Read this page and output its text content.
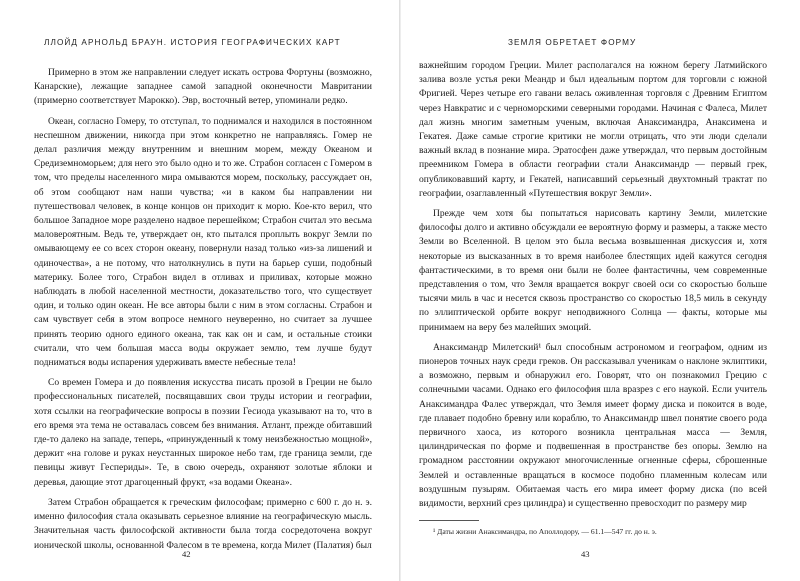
ЛЛОЙД АРНОЛЬД БРАУН. ИСТОРИЯ ГЕОГРАФИЧЕСКИХ КАРТ

Примерно в этом же направлении следует искать острова Фортуны (возможно, Канарские), лежащие западнее самой западной оконечности Мавритании (примерно соответствует Марокко). Эвр, восточный ветер, упоминали редко.

Океан, согласно Гомеру, то отступал, то поднимался и находился в постоянном неспешном движении, никогда при этом конкретно не направляясь. Гомер не делал различия между внутренним и внешним морем, между Океаном и Средиземноморьем; для него это было одно и то же. Страбон согласен с Гомером в том, что пределы населенного мира омываются морем, поскольку, рассуждает он, об этом сообщают нам наши чувства; «и в каком бы направлении ни путешествовал человек, в конце концов он приходит к морю. Кое-кто верил, что большое Западное море разделено надвое перешейком; Страбон считал это весьма маловероятным. Ведь те, утверждает он, кто пытался проплыть вокруг Земли по омывающему ее со всех сторон океану, повернули назад только «из-за лишений и одиночества», а не потому, что натолкнулись в пути на барьер суши, подобный материку. Более того, Страбон видел в отливах и приливах, которые можно наблюдать в любой населенной местности, доказательство того, что существует один, и только один океан. Не все авторы были с ним в этом согласны. Страбон и сам чувствует себя в этом вопросе немного неуверенно, но считает за лучшее принять теорию одного единого океана, так как он и сам, и остальные стоики считали, что чем большая масса воды окружает землю, тем лучше будут подниматься воды испарения удерживать вместе небесные тела!

Со времен Гомера и до появления искусства писать прозой в Греции не было профессиональных писателей, посвящавших свои труды истории и географии, хотя ссылки на географические вопросы в поэзии Гесиода указывают на то, что в его время эта тема не оставалась совсем без внимания. Атлант, прежде обитавший где-то далеко на западе, теперь, «принужденный к тому неизбежностью мощной», держит «на голове и руках неустанных широкое небо там, где граница земли, где певицы живут Геспериды». Те, в свою очередь, охраняют золотые яблоки и деревья, дающие этот драгоценный фрукт, «за водами Океана».

Затем Страбон обращается к греческим философам; примерно с 600 г. до н. э. именно философия стала оказывать серьезное влияние на географическую мысль. Значительная часть философской активности была тогда сосредоточена вокруг ионической школы, основанной Фалесом в те времена, когда Милет (Палатия) был

42
ЗЕМЛЯ ОБРЕТАЕТ ФОРМУ

важнейшим городом Греции. Милет располагался на южном берегу Латмийского залива возле устья реки Меандр и был идеальным портом для торговли с южной Фригией. Через четыре его гавани велась оживленная торговля с Древним Египтом через Навкратис и с черноморскими северными городами. Начиная с Фалеса, Милет дал жизнь многим заметным ученым, включая Анаксимандра, Анаксимена и Гекатея. Даже самые строгие критики не могли отрицать, что эти люди сделали важный вклад в познание мира. Эратосфен даже утверждал, что первым достойным преемником Гомера в области географии стали Анаксимандр — первый грек, опубликовавший карту, и Гекатей, написавший серьезный двухтомный трактат по географии, озаглавленный «Путешествия вокруг Земли».

Прежде чем хотя бы попытаться нарисовать картину Земли, милетские философы долго и активно обсуждали ее вероятную форму и размеры, а также место Земли во Вселенной. В целом это была весьма возвышенная дискуссия и, хотя некоторые из высказанных в то время наиболее блестящих идей кажутся сегодня фантастическими, в то время они были не более фантастичны, чем современные представления о том, что Земля вращается вокруг своей оси со скоростью больше тысячи миль в час и несется сквозь пространство со скоростью 18,5 миль в секунду по эллиптической орбите вокруг неподвижного Солнца — факты, которые мы принимаем на веру без малейших эмоций.

Анаксимандр Милетский¹ был способным астрономом и географом, одним из пионеров точных наук среди греков. Он рассказывал ученикам о наклоне эклиптики, а возможно, первым и обнаружил его. Говорят, что он познакомил Грецию с солнечными часами. Однако его философия шла вразрез с его наукой. Если учитель Анаксимандра Фалес утверждал, что Земля имеет форму диска и покоится в воде, где плавает подобно бревну или кораблю, то Анаксимандр швел понятие своего рода первичного хаоса, из которого возникла центральная масса — Земля, цилиндрическая по форме и подвешенная в пространстве без опоры. Землю на громадном расстоянии окружают многочисленные огненные сферы, сброшенные Землей и оставленные вращаться в космосе подобно пламенным колесам или воздушным пузырям. Обитаемая часть его мира имеет форму диска (по всей видимости, верхний срез цилиндра) и существенно превосходит по размеру мир

¹ Даты жизни Анаксимандра, по Аполлодору, — 61.1—547 гг. до н. э.
43
